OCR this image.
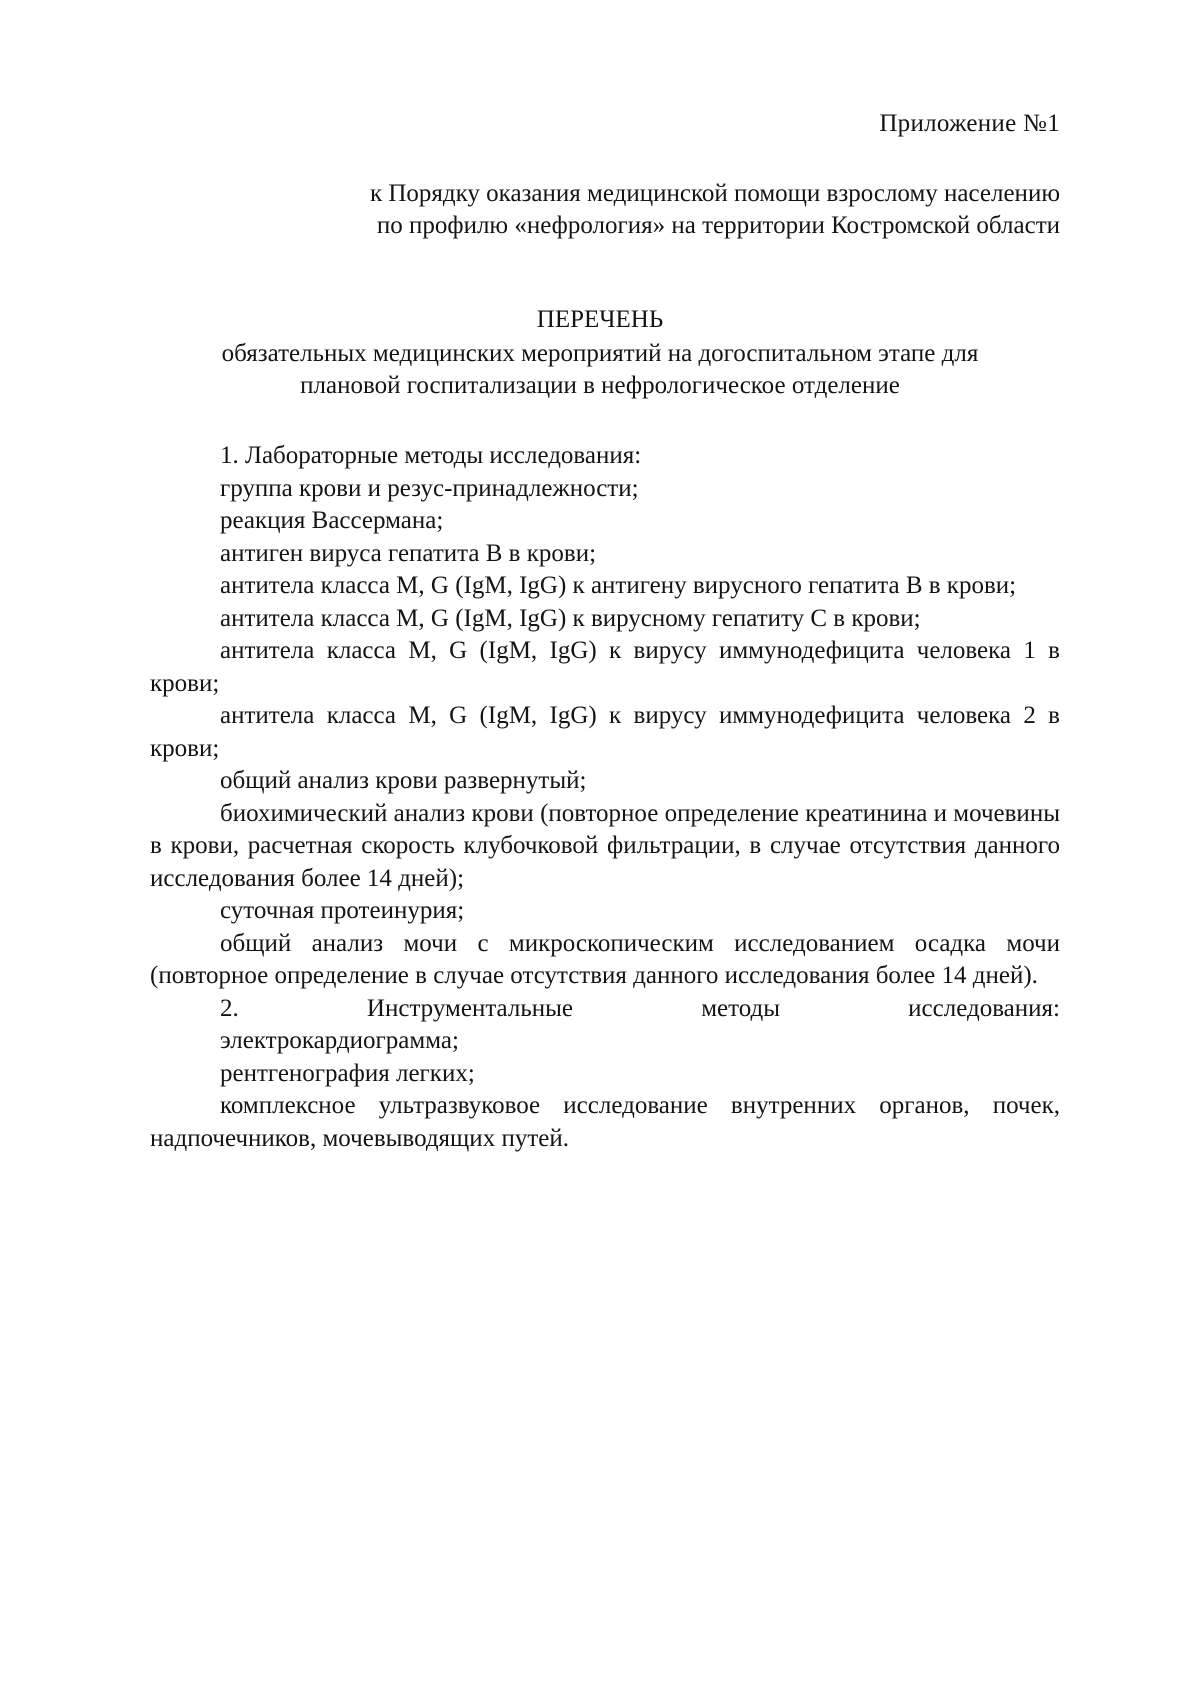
Приложение №1
к Порядку оказания медицинской помощи взрослому населению
по профилю «нефрология» на территории Костромской области
ПЕРЕЧЕНЬ
обязательных медицинских мероприятий на догоспитальном этапе для
плановой госпитализации в нефрологическое отделение

1. Лабораторные методы исследования:

группа крови и резус-принадлежности;

реакция Вассермана;

антиген вируса гепатита В в крови;

антитела класса M, G (IgM, IgG) к антигену вирусного гепатита В в крови;

антитела класса M, G (IgM, IgG) к вирусному гепатиту С в крови;

антитела класса M, G (IgM, IgG) к вирусу иммунодефицита человека 1 в крови;

антитела класса M, G (IgM, IgG) к вирусу иммунодефицита человека 2 в крови;

общий анализ крови развернутый;

биохимический анализ крови (повторное определение креатинина и мочевины в крови, расчетная скорость клубочковой фильтрации, в случае отсутствия данного исследования более 14 дней);

суточная протеинурия;

общий анализ мочи с микроскопическим исследованием осадка мочи (повторное определение в случае отсутствия данного исследования более 14 дней).

2.	Инструментальные	методы	исследования:

электрокардиограмма;

рентгенография легких;

комплексное ультразвуковое исследование внутренних органов, почек, надпочечников, мочевыводящих путей.
